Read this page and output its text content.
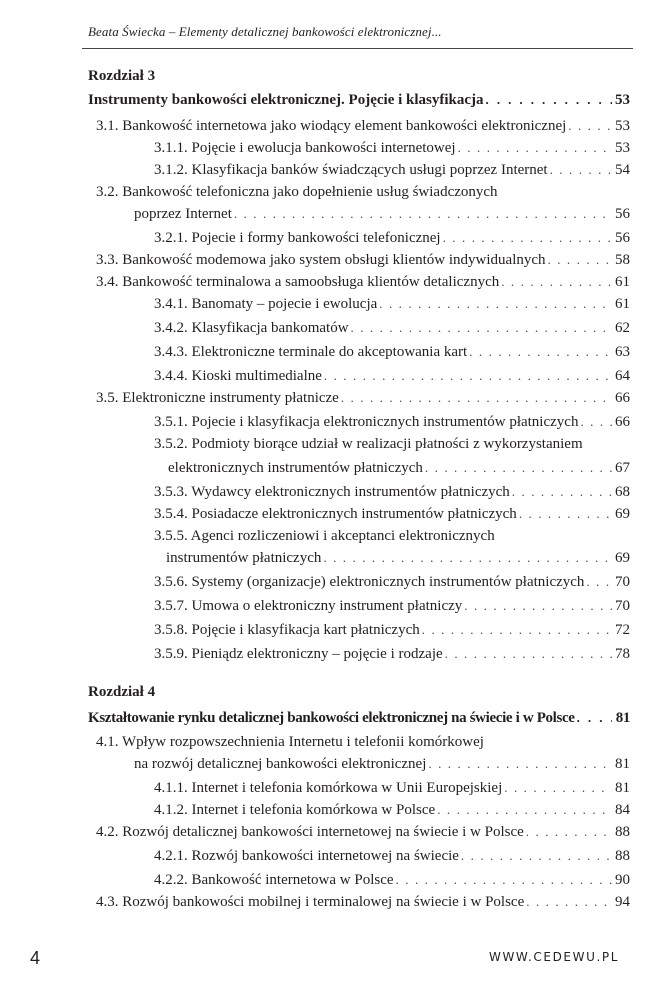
Beata Świecka – Elementy detalicznej bankowości elektronicznej...
Rozdział 3
Instrumenty bankowości elektronicznej. Pojęcie i klasyfikacja . . .	53
3.1. Bankowość internetowa jako wiodący element bankowości elektronicznej . . .	53
3.1.1. Pojęcie i ewolucja bankowości internetowej . . .	53
3.1.2. Klasyfikacja banków świadczących usługi poprzez Internet . . .	54
3.2. Bankowość telefoniczna jako dopełnienie usług świadczonych
poprzez Internet . . .	56
3.2.1. Pojecie i formy bankowości telefonicznej . . .	56
3.3. Bankowość modemowa jako system obsługi klientów indywidualnych . . .	58
3.4. Bankowość terminalowa a samoobsługa klientów detalicznych . . .	61
3.4.1. Banomaty – pojecie i ewolucja . . .	61
3.4.2. Klasyfikacja bankomatów . . .	62
3.4.3. Elektroniczne terminale do akceptowania kart . . .	63
3.4.4. Kioski multimedialne . . .	64
3.5. Elektroniczne instrumenty płatnicze . . .	66
3.5.1. Pojecie i klasyfikacja elektronicznych instrumentów płatniczych . . . 66
3.5.2. Podmioty biorące udział w realizacji płatności z wykorzystaniem
elektronicznych instrumentów płatniczych . . .	67
3.5.3. Wydawcy elektronicznych instrumentów płatniczych . . .	68
3.5.4. Posiadacze elektronicznych instrumentów płatniczych . . .	69
3.5.5. Agenci rozliczeniowi i akceptanci elektronicznych
instrumentów płatniczych . . .	69
3.5.6. Systemy (organizacje) elektronicznych instrumentów płatniczych . . . 70
3.5.7. Umowa o elektroniczny instrument płatniczy . . .	70
3.5.8. Pojęcie i klasyfikacja kart płatniczych . . .	72
3.5.9. Pieniądz elektroniczny – pojęcie i rodzaje . . .	78
Rozdział 4
Kształtowanie rynku detalicznej bankowości elektronicznej na świecie i w Polsce . . .	81
4.1. Wpływ rozpowszechnienia Internetu i telefonii komórkowej
na rozwój detalicznej bankowości elektronicznej . . .	81
4.1.1. Internet i telefonia komórkowa w Unii Europejskiej . . .	81
4.1.2. Internet i telefonia komórkowa w Polsce . . .	84
4.2. Rozwój detalicznej bankowości internetowej na świecie i w Polsce . . .	88
4.2.1. Rozwój bankowości internetowej na świecie . . .	88
4.2.2. Bankowość internetowa w Polsce . . .	90
4.3. Rozwój bankowości mobilnej i terminalowej na świecie i w Polsce . . .	94
4	WWW.CEDEWU.PL
